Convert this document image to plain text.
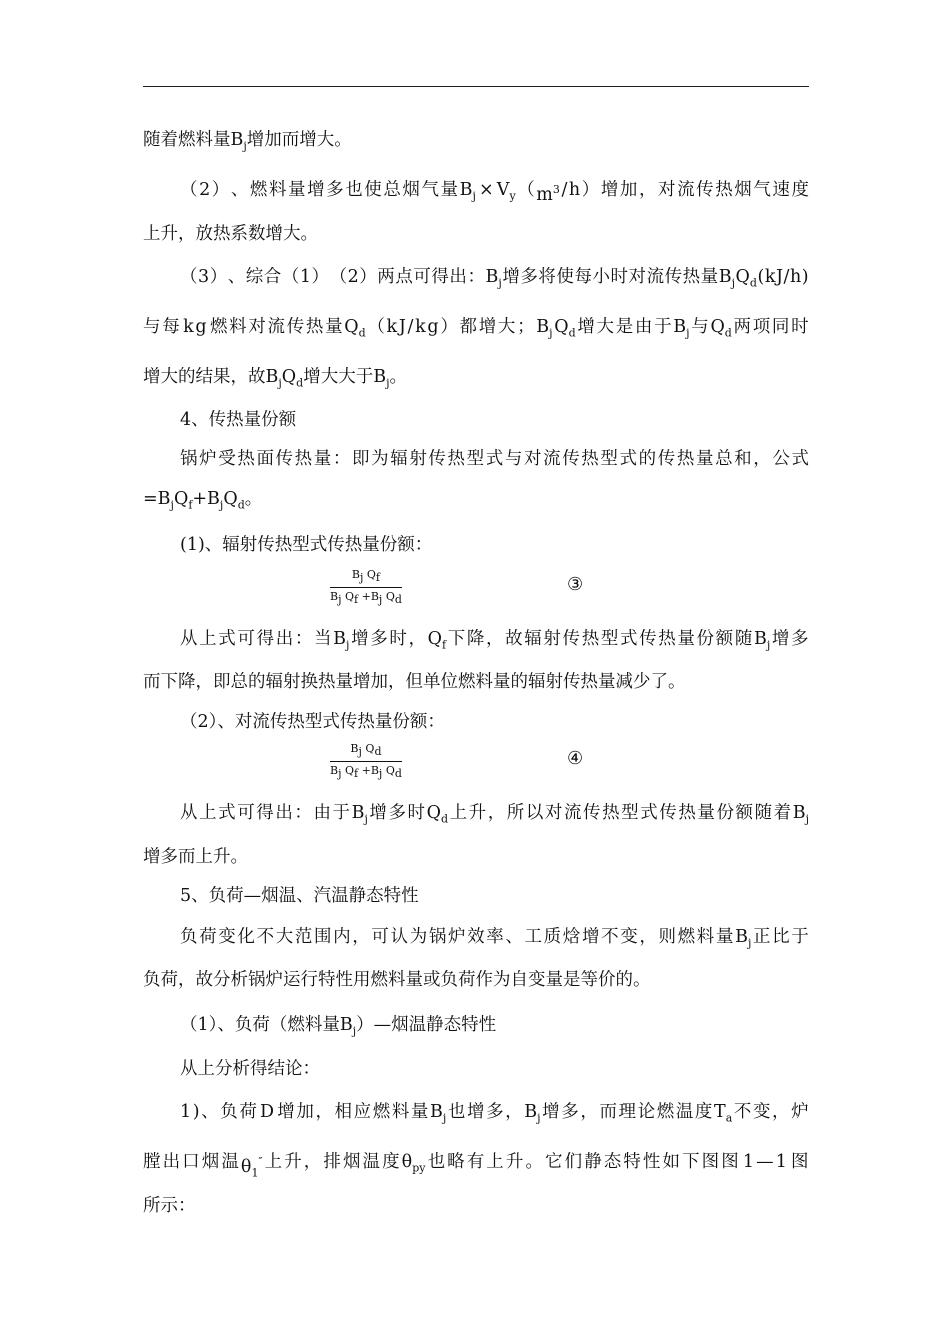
随着燃料量$B_j$增加而增大。
（ 2 ） 、 燃 料 量 增 多 也 使 总 烟 气 量 $B_j \times V_y$ （ $m^3$ / h ） 增 加 ， 对 流 传 热 烟 气 速 度
上升，放热系数增大。
（ 3 ） 、 综 合 （ 1 ） （ 2 ） 两 点 可 得 出 ： $B_j$ 增 多 将 使 每 小 时 对 流 传 热 量 $B_j$ $Q_d$ ( k J / h )
与 每 k g 燃 料 对 流 传 热 量 $Q_d$ （ k J / k g ） 都 增 大 ； $B_j$ $Q_d$ 增 大 是 由 于 $B_j$ 与 $Q_d$ 两 项 同 时
增大的结果，故$B_jQ_d$增大大于$B_j$。
4、传热量份额
锅 炉 受 热 面 传 热 量 ： 即 为 辐 射 传 热 型 式 与 对 流 传 热 型 式 的 传 热 量 总 和 ， 公 式
$=B_jQ_f+B_jQ_d$。
(1)、辐射传热型式传热量份额：
$B_j$ $Q_f$
$B_j$ $Q_f +B_j$ $Q_d$
③
从 上 式 可 得 出 ： 当 $B_j$ 增 多 时 ， $Q_f$ 下 降 ， 故 辐 射 传 热 型 式 传 热 量 份 额 随 $B_j$ 增 多
而下降，即总的辐射换热量增加，但单位燃料量的辐射传热量减少了。
（2）、对流传热型式传热量份额：
$B_j$ $Q_d$
$B_j$ $Q_f +B_j$ $Q_d$
④
从 上 式 可 得 出 ： 由 于 $B_j$ 增 多 时 $Q_d$ 上 升 ， 所 以 对 流 传 热 型 式 传 热 量 份 额 随 着 $B_j$
增多而上升。
5、负荷—烟温、汽温静态特性
负 荷 变 化 不 大 范 围 内 ， 可 认 为 锅 炉 效 率 、 工 质 焓 增 不 变 ， 则 燃 料 量 $B_j$ 正 比 于
负荷，故分析锅炉运行特性用燃料量或负荷作为自变量是等价的。
（1）、负荷（燃料量$B_j)—$烟温静态特性
从上分析得结论：
1 ) 、 负 荷 D 增 加 ， 相 应 燃 料 量 $B_j$ 也 增 多 ， $B_j$ 增 多 ， 而 理 论 燃 温 度 $T_a$ 不 变 ， 炉
膛 出 口 烟 温 $\theta_1''$ 上 升 ， 排 烟 温 度 $\theta_{py}$ 也 略 有 上 升 。 它 们 静 态 特 性 如 下 图 图 1 — 1 图
所示：
